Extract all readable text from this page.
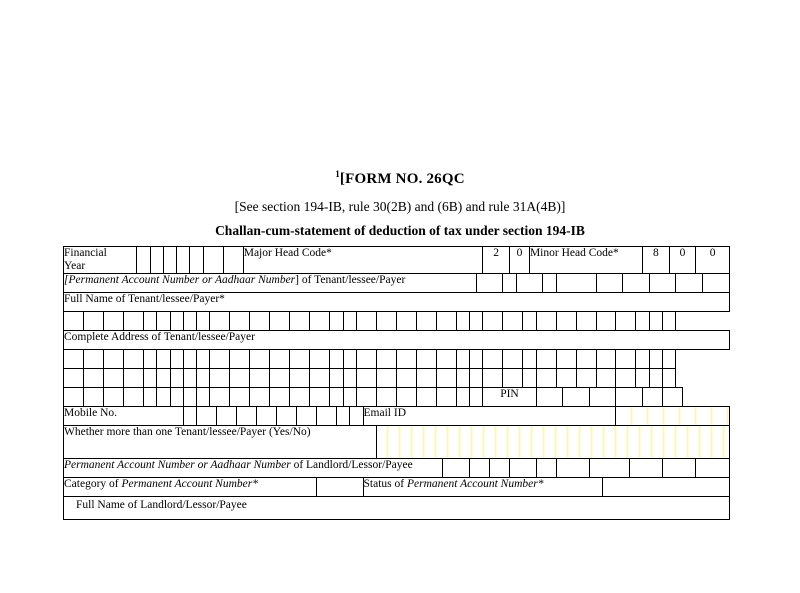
$^1$[FORM NO. 26QC
[See section 194-IB, rule 30(2B) and (6B) and rule 31A(4B)]
Challan-cum-statement of deduction of tax under section 194-IB
Financial
Year								Major Head Code*	2	0	Minor Head Code*	8	0	0
[Permanent Account Number or Aadhaar Number] of Tenant/lessee/Payer										
Full Name of Tenant/lessee/Payer*

Complete Address of Tenant/lessee/Payer

																								PIN						
Mobile No.											Email ID	
Whether more than one Tenant/lessee/Payer (Yes/No)	
Permanent Account Number or Aadhaar Number of Landlord/Lessor/Payee										
Category of Permanent Account Number*		Status of Permanent Account Number*	
Full Name of Landlord/Lessor/Payee
